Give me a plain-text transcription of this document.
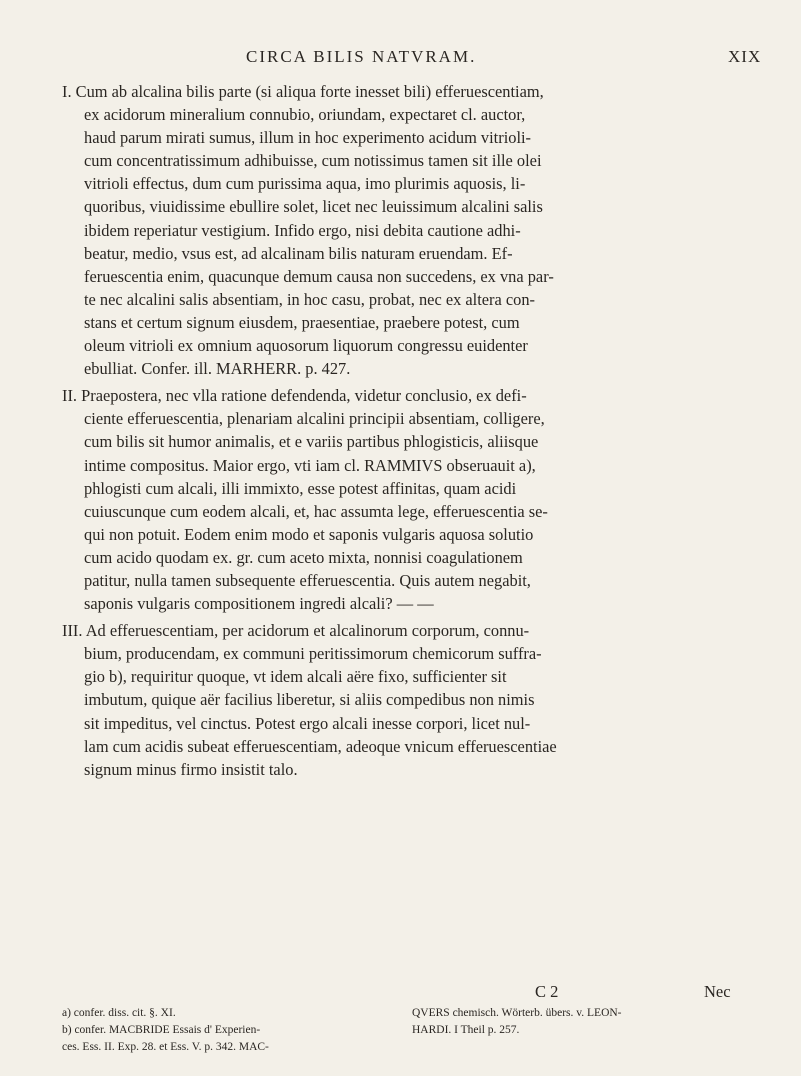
CIRCA BILIS NATVRAM.	XIX
I. Cum ab alcalina bilis parte (si aliqua forte inesset bili) efferuescentiam,
ex acidorum mineralium connubio, oriundam, expectaret cl. auctor,
haud parum mirati sumus, illum in hoc experimento acidum vitrioli-
cum concentratissimum adhibuisse, cum notissimus tamen sit ille olei
vitrioli effectus, dum cum purissima aqua, imo plurimis aquosis, li-
quoribus, viuidissime ebullire solet, licet nec leuissimum alcalini salis
ibidem reperiatur vestigium. Infido ergo, nisi debita cautione adhi-
beatur, medio, vsus est, ad alcalinam bilis naturam eruendam. Ef-
feruescentia enim, quacunque demum causa non succedens, ex vna par-
te nec alcalini salis absentiam, in hoc casu, probat, nec ex altera con-
stans et certum signum eiusdem, praesentiae, praebere potest, cum
oleum vitrioli ex omnium aquosorum liquorum congressu euidenter
ebulliat. Confer. ill. MARHERR. p. 427.
II. Praepostera, nec vlla ratione defendenda, videtur conclusio, ex defi-
ciente efferuescentia, plenariam alcalini principii absentiam, colligere,
cum bilis sit humor animalis, et e variis partibus phlogisticis, aliisque
intime compositus. Maior ergo, vti iam cl. RAMMIVS obseruauit a),
phlogisti cum alcali, illi immixto, esse potest affinitas, quam acidi
cuiuscunque cum eodem alcali, et, hac assumta lege, efferuescentia se-
qui non potuit. Eodem enim modo et saponis vulgaris aquosa solutio
cum acido quodam ex. gr. cum aceto mixta, nonnisi coagulationem
patitur, nulla tamen subsequente efferuescentia. Quis autem negabit,
saponis vulgaris compositionem ingredi alcali? — —
III. Ad efferuescentiam, per acidorum et alcalinorum corporum, connu-
bium, producendam, ex communi peritissimorum chemicorum suffra-
gio b), requiritur quoque, vt idem alcali aëre fixo, sufficienter sit
imbutum, quique aër facilius liberetur, si aliis compedibus non nimis
sit impeditus, vel cinctus. Potest ergo alcali inesse corpori, licet nul-
lam cum acidis subeat efferuescentiam, adeoque vnicum efferuescentiae
signum minus firmo insistit talo.
C 2	Nec
a) confer. diss. cit. §. XI.
b) confer. MACBRIDE Essais d' Experien-
ces. Ess. II. Exp. 28. et Ess. V. p. 342. MAC-
QVERS chemisch. Wörterb. übers. v. LEON-
HARDI. I Theil p. 257.
